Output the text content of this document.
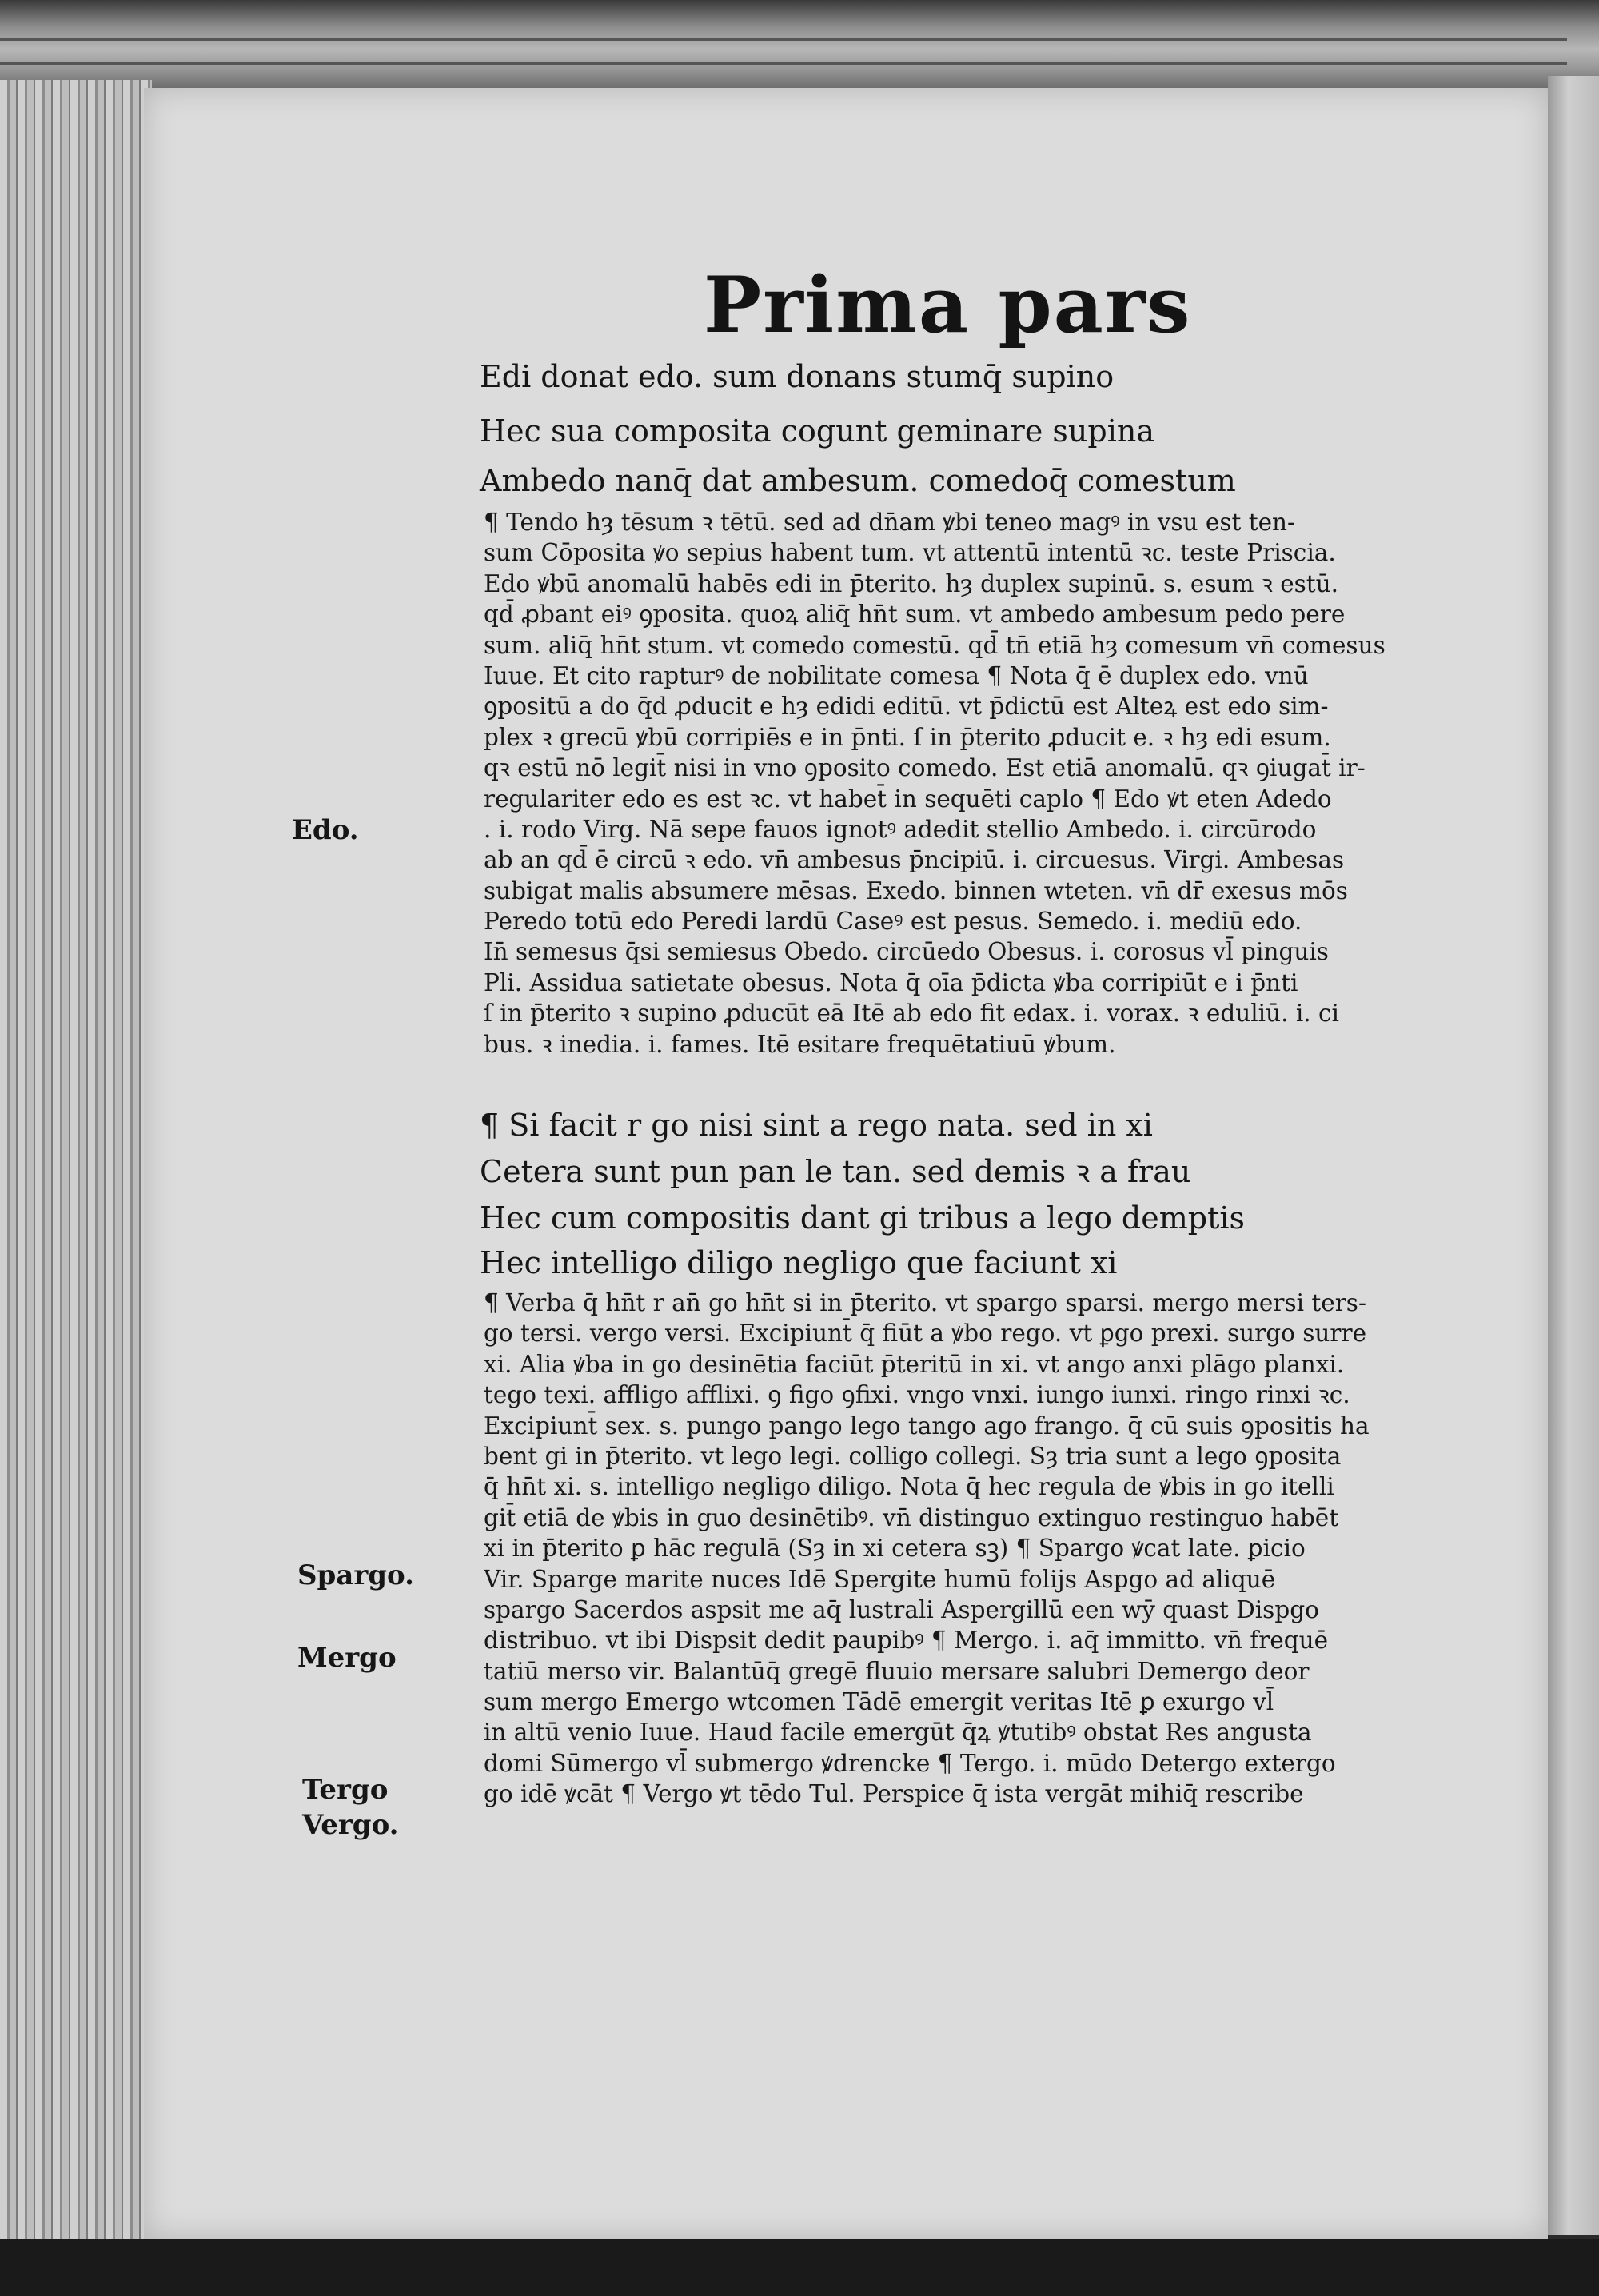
Prima pars
Edi donat edo. sum donans stumq̄ supino
Hec sua composita cogunt geminare supina
Ambedo nanq̄ dat ambesum. comedoq̄ comestum
¶ Tendo hȝ tēsum ꝛ tētū. sed ad dn̄am ꝟbi teneo magꝰ in vsu est ten-
sum Cōposita ꝟo sepius habent tum. vt attentū intentū ꝛc. teste Priscia.
Edo ꝟbū anomalū habēs edi in p̄terito. hȝ duplex supinū. s. esum ꝛ estū.
qd̄ ꝓbant eiꝰ ꝯposita. quoꝝ aliq̄ hn̄t sum. vt ambedo ambesum pedo pere
sum. aliq̄ hn̄t stum. vt comedo comestū. qd̄ tn̄ etiā hȝ comesum vn̄ comesus
Iuue. Et cito rapturꝰ de nobilitate comesa ¶ Nota q̄ ē duplex edo. vnū
ꝯpositū a do q̄d ꝓducit e hȝ edidi editū. vt p̄dictū est Alteꝝ est edo sim-
plex ꝛ grecū ꝟbū corripiēs e in p̄nti. ſ in p̄terito ꝓducit e. ꝛ hȝ edi esum.
qꝛ estū nō legit̄ nisi in vno ꝯposito comedo. Est etiā anomalū. qꝛ ꝯiugat̄ ir-
regulariter edo es est ꝛc. vt habet̄ in sequēti caplo ¶ Edo ꝟt eten Adedo
. i. rodo Virg. Nā sepe fauos ignotꝰ adedit stellio Ambedo. i. circūrodo
ab an qd̄ ē circū ꝛ edo. vn̄ ambesus p̄ncipiū. i. circuesus. Virgi. Ambesas
subigat malis absumere mēsas. Exedo. binnen wteten. vn̄ dr̄ exesus mōs
Peredo totū edo Peredi lardū Caseꝰ est pesus. Semedo. i. mediū edo.
In̄ semesus q̄si semiesus Obedo. circūedo Obesus. i. corosus vl̄ pinguis
Pli. Assidua satietate obesus. Nota q̄ oīa p̄dicta ꝟba corripiūt e i p̄nti
ſ in p̄terito ꝛ supino ꝓducūt eā Itē ab edo fit edax. i. vorax. ꝛ eduliū. i. ci
bus. ꝛ inedia. i. fames. Itē esitare frequētatiuū ꝟbum.
¶ Si facit r go nisi sint a rego nata. sed in xi
Cetera sunt pun pan le tan. sed demis ꝛ a frau
Hec cum compositis dant gi tribus a lego demptis
Hec intelligo diligo negligo que faciunt xi
¶ Verba q̄ hn̄t r an̄ go hn̄t si in p̄terito. vt spargo sparsi. mergo mersi ters-
go tersi. vergo versi. Excipiunt̄ q̄ fiūt a ꝟbo rego. vt ꝑgo prexi. surgo surre
xi. Alia ꝟba in go desinētia faciūt p̄teritū in xi. vt ango anxi plāgo planxi.
tego texi. affligo afflixi. ꝯ figo ꝯfixi. vngo vnxi. iungo iunxi. ringo rinxi ꝛc.
Excipiunt̄ sex. s. pungo pango lego tango ago frango. q̄ cū suis ꝯpositis ha
bent gi in p̄terito. vt lego legi. colligo collegi. Sȝ tria sunt a lego ꝯposita
q̄ hn̄t xi. s. intelligo negligo diligo. Nota q̄ hec regula de ꝟbis in go itelli
git̄ etiā de ꝟbis in guo desinētibꝰ. vn̄ distinguo extinguo restinguo habēt
xi in p̄terito ꝑ hāc regulā (Sȝ in xi cetera sꝫ) ¶ Spargo ꝟcat late. ꝑicio
Vir. Sparge marite nuces Idē Spergite humū folijs Aspgo ad aliquē
spargo Sacerdos aspsit me aq̄ lustrali Aspergillū een wȳ quast Dispgo
distribuo. vt ibi Dispsit dedit paupibꝰ ¶ Mergo. i. aq̄ immitto. vn̄ frequē
tatiū merso vir. Balantūq̄ gregē fluuio mersare salubri Demergo deor
sum mergo Emergo wtcomen Tādē emergit veritas Itē ꝑ exurgo vl̄
in altū venio Iuue. Haud facile emergūt q̄ꝝ ꝟtutibꝰ obstat Res angusta
domi Sūmergo vl̄ submergo ꝟdrencke ¶ Tergo. i. mūdo Detergo extergo
go idē ꝟcāt ¶ Vergo ꝟt tēdo Tul. Perspice q̄ ista vergāt mihiq̄ rescribe
Edo.
Spargo.
Mergo
Tergo
Vergo.
